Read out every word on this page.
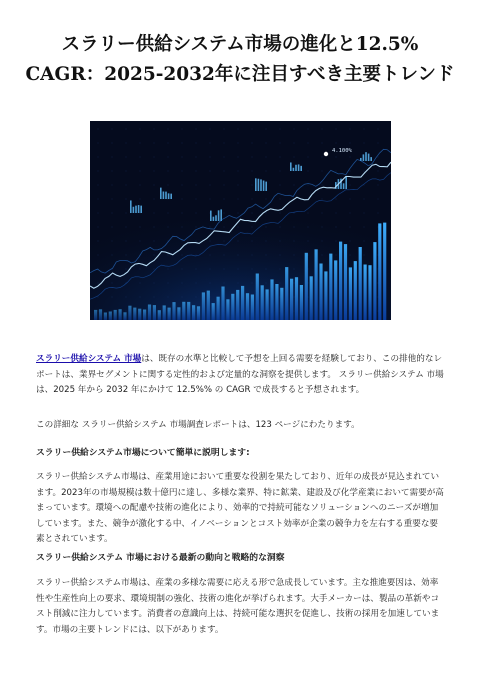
スラリー供給システム市場の進化と12.5%
CAGR：2025-2032年に注目すべき主要トレンド
4.100%

スラリー供給システム 市場は、既存の水準と比較して予想を上回る需要を経験しており、この排他的なレポートは、業界セグメントに関する定性的および定量的な洞察を提供します。 スラリー供給システム 市場は、2025 年から 2032 年にかけて 12.5%% の CAGR で成長すると予想されます。

この詳細な スラリー供給システム 市場調査レポートは、123 ページにわたります。

スラリー供給システム市場について簡単に説明します:

スラリー供給システム市場は、産業用途において重要な役割を果たしており、近年の成長が見込まれています。2023年の市場規模は数十億円に達し、多様な業界、特に鉱業、建設及び化学産業において需要が高まっています。環境への配慮や技術の進化により、効率的で持続可能なソリューションへのニーズが増加しています。また、競争が激化する中、イノベーションとコスト効率が企業の競争力を左右する重要な要素とされています。

スラリー供給システム 市場における最新の動向と戦略的な洞察

スラリー供給システム市場は、産業の多様な需要に応える形で急成長しています。主な推進要因は、効率性や生産性向上の要求、環境規制の強化、技術の進化が挙げられます。大手メーカーは、製品の革新やコスト削減に注力しています。消費者の意識向上は、持続可能な選択を促進し、技術の採用を加速しています。市場の主要トレンドには、以下があります。
